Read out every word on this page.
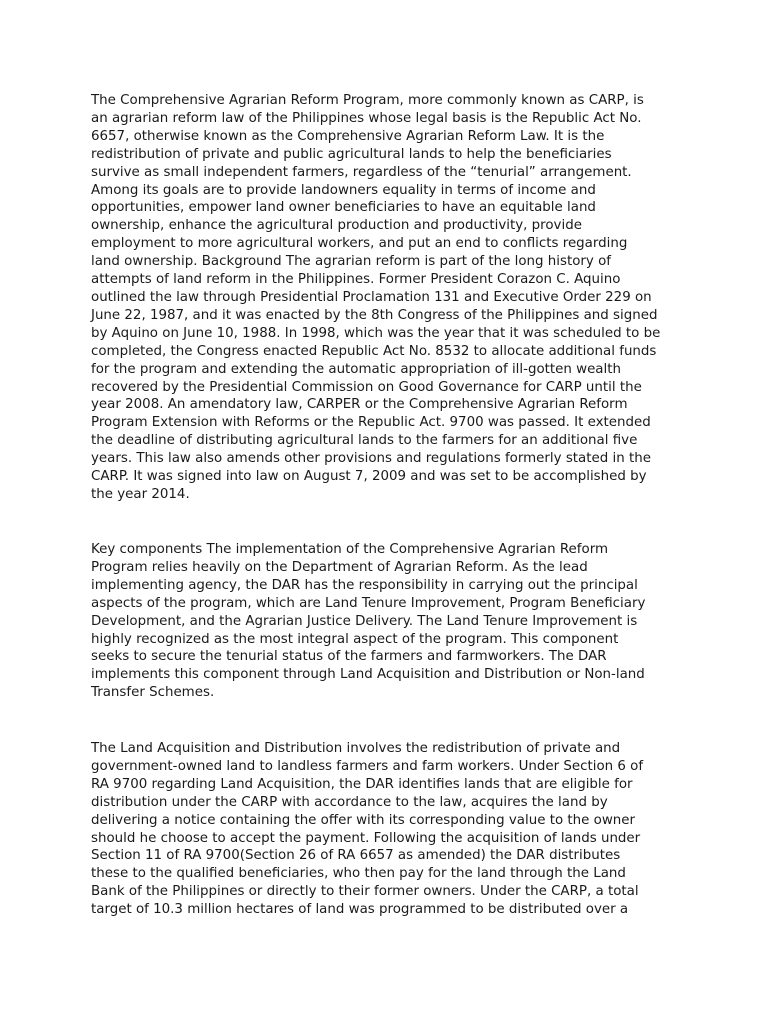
The Comprehensive Agrarian Reform Program, more commonly known as CARP, is
an agrarian reform law of the Philippines whose legal basis is the Republic Act No.
6657, otherwise known as the Comprehensive Agrarian Reform Law. It is the
redistribution of private and public agricultural lands to help the beneficiaries
survive as small independent farmers, regardless of the “tenurial” arrangement.
Among its goals are to provide landowners equality in terms of income and
opportunities, empower land owner beneficiaries to have an equitable land
ownership, enhance the agricultural production and productivity, provide
employment to more agricultural workers, and put an end to conflicts regarding
land ownership. Background The agrarian reform is part of the long history of
attempts of land reform in the Philippines. Former President Corazon C. Aquino
outlined the law through Presidential Proclamation 131 and Executive Order 229 on
June 22, 1987, and it was enacted by the 8th Congress of the Philippines and signed
by Aquino on June 10, 1988. In 1998, which was the year that it was scheduled to be
completed, the Congress enacted Republic Act No. 8532 to allocate additional funds
for the program and extending the automatic appropriation of ill-gotten wealth
recovered by the Presidential Commission on Good Governance for CARP until the
year 2008. An amendatory law, CARPER or the Comprehensive Agrarian Reform
Program Extension with Reforms or the Republic Act. 9700 was passed. It extended
the deadline of distributing agricultural lands to the farmers for an additional five
years. This law also amends other provisions and regulations formerly stated in the
CARP. It was signed into law on August 7, 2009 and was set to be accomplished by
the year 2014.

Key components The implementation of the Comprehensive Agrarian Reform
Program relies heavily on the Department of Agrarian Reform. As the lead
implementing agency, the DAR has the responsibility in carrying out the principal
aspects of the program, which are Land Tenure Improvement, Program Beneficiary
Development, and the Agrarian Justice Delivery. The Land Tenure Improvement is
highly recognized as the most integral aspect of the program. This component
seeks to secure the tenurial status of the farmers and farmworkers. The DAR
implements this component through Land Acquisition and Distribution or Non-land
Transfer Schemes.

The Land Acquisition and Distribution involves the redistribution of private and
government-owned land to landless farmers and farm workers. Under Section 6 of
RA 9700 regarding Land Acquisition, the DAR identifies lands that are eligible for
distribution under the CARP with accordance to the law, acquires the land by
delivering a notice containing the offer with its corresponding value to the owner
should he choose to accept the payment. Following the acquisition of lands under
Section 11 of RA 9700(Section 26 of RA 6657 as amended) the DAR distributes
these to the qualified beneficiaries, who then pay for the land through the Land
Bank of the Philippines or directly to their former owners. Under the CARP, a total
target of 10.3 million hectares of land was programmed to be distributed over a
